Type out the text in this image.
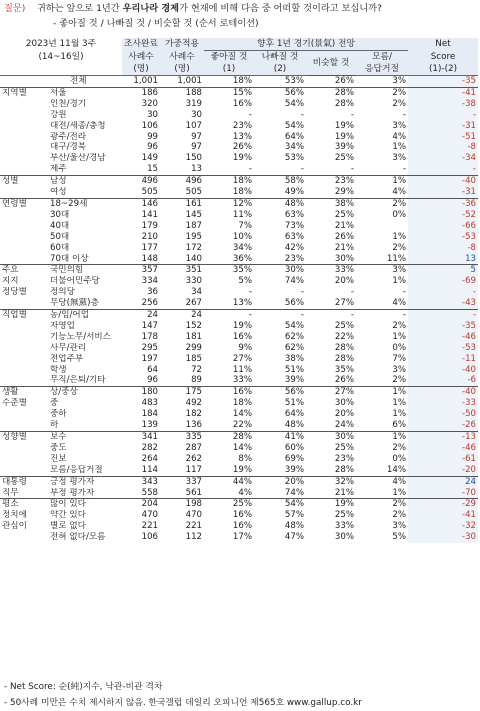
질문) 귀하는 앞으로 1년간 우리나라 경제가 현재에 비해 다음 중 어떠할 것이라고 보십니까?
- 좋아질 것 / 나빠질 것 / 비슷할 것 (순서 로테이션)
2023년 11월 3주		조사완료	가중적용	향후 1년 경기(景氣) 전망				Net
(14~16일)		사례수	사례수	좋아질 것	나빠질 것	비슷할 것	모름/	Score
		(명)	(명)	(1)	(2)		응답거절	(1)-(2)
	전체	1,001	1,001	18%	53%	26%	3%	-35
지역별	서울	186	188	15%	56%	28%	2%	-41
	인천/경기	320	319	16%	54%	28%	2%	-38
	강원	30	30	-	-	-	-	-
	대전/세종/충청	106	107	23%	54%	19%	3%	-31
	광주/전라	99	97	13%	64%	19%	4%	-51
	대구/경북	96	97	26%	34%	39%	1%	-8
	부산/울산/경남	149	150	19%	53%	25%	3%	-34
	제주	15	13	-	-	-	-	-
성별	남성	496	496	18%	58%	23%	1%	-40
	여성	505	505	18%	49%	29%	4%	-31
연령별	18~29세	146	161	12%	48%	38%	2%	-36
	30대	141	145	11%	63%	25%	0%	-52
	40대	179	187	7%	73%	21%		-66
	50대	210	195	10%	63%	26%	1%	-53
	60대	177	172	34%	42%	21%	2%	-8
	70대 이상	148	140	36%	23%	30%	11%	13
주요	국민의힘	357	351	35%	30%	33%	3%	5
지지	더불어민주당	334	330	5%	74%	20%	1%	-69
정당별	정의당	36	34	-	-	-	-	-
	무당(無黨)층	256	267	13%	56%	27%	4%	-43
직업별	농/임/어업	24	24	-	-	-	-	-
	자영업	147	152	19%	54%	25%	2%	-35
	기능노무/서비스	178	181	16%	62%	22%	1%	-46
	사무/관리	295	299	9%	62%	28%	0%	-53
	전업주부	197	185	27%	38%	28%	7%	-11
	학생	64	72	11%	51%	35%	3%	-40
	무직/은퇴/기타	96	89	33%	39%	26%	2%	-6
생활	상/중상	180	175	16%	56%	27%	1%	-40
수준별	중	483	492	18%	51%	30%	1%	-33
	중하	184	182	14%	64%	20%	1%	-50
	하	139	136	22%	48%	24%	6%	-26
성향별	보수	341	335	28%	41%	30%	1%	-13
	중도	282	287	14%	60%	25%	2%	-46
	진보	264	262	8%	69%	23%	0%	-61
	모름/응답거절	114	117	19%	39%	28%	14%	-20
대통령	긍정 평가자	343	337	44%	20%	32%	4%	24
직무	부정 평가자	558	561	4%	74%	21%	1%	-70
평소	많이 있다	204	198	25%	54%	19%	2%	-29
정치에	약간 있다	470	470	16%	57%	25%	2%	-41
관심이	별로 없다	221	221	16%	48%	33%	3%	-32
	전혀 없다/모름	106	112	17%	47%	30%	5%	-30
- Net Score: 순(純)지수, 낙관-비관 격차
- 50사례 미만은 수치 제시하지 않음. 한국갤럽 데일리 오피니언 제565호 www.gallup.co.kr
